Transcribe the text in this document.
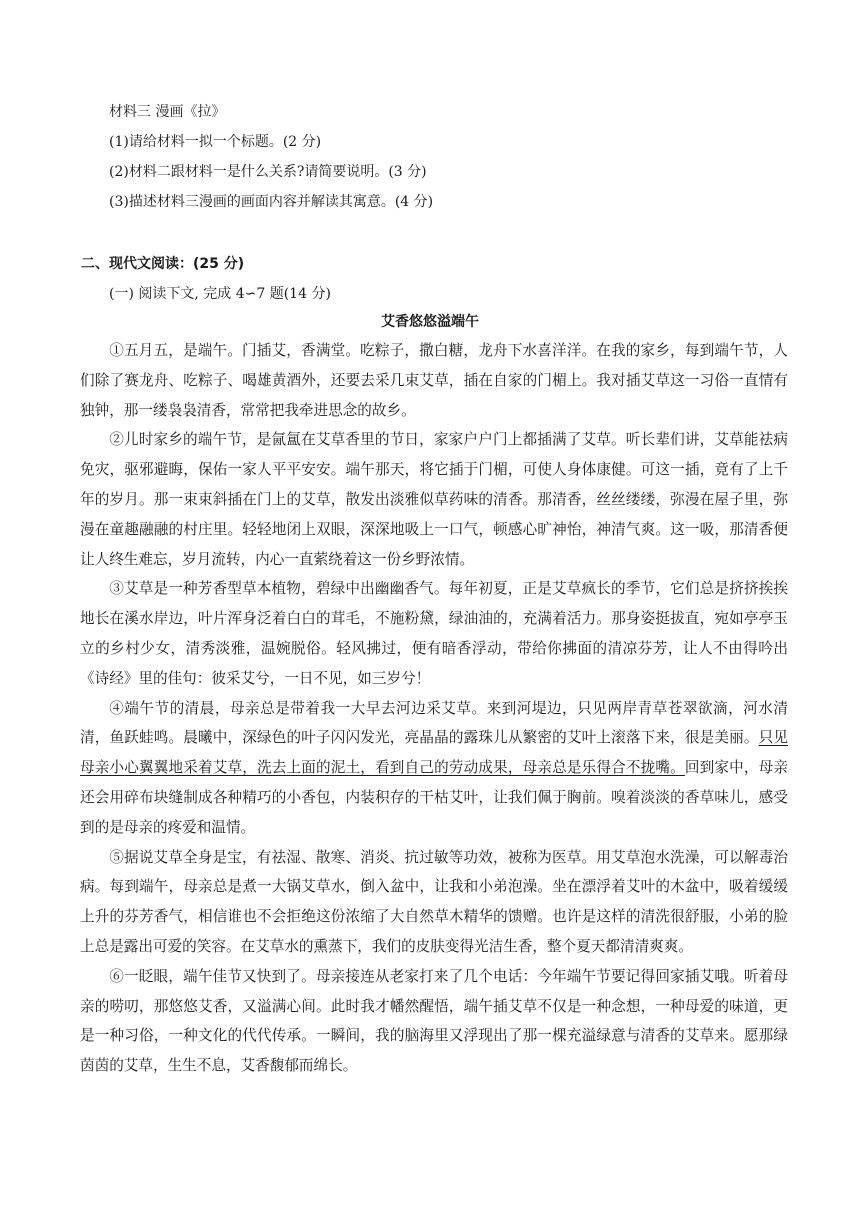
材料三 漫画《拉》
(1)请给材料一拟一个标题。(2 分)
(2)材料二跟材料一是什么关系?请简要说明。(3 分)
(3)描述材料三漫画的画面内容并解读其寓意。(4 分)
二、现代文阅读：(25 分)
(一) 阅读下文, 完成 4∽7 题(14 分)
艾香悠悠溢端午

①五月五，是端午。门插艾，香满堂。吃粽子，撒白糖，龙舟下水喜洋洋。在我的家乡，每到端午节，人们除了赛龙舟、吃粽子、喝雄黄酒外，还要去采几束艾草，插在自家的门楣上。我对插艾草这一习俗一直情有独钟，那一缕袅袅清香，常常把我牵进思念的故乡。

②儿时家乡的端午节，是氤氲在艾草香里的节日，家家户户门上都插满了艾草。听长辈们讲，艾草能祛病免灾，驱邪避晦，保佑一家人平平安安。端午那天，将它插于门楣，可使人身体康健。可这一插，竟有了上千年的岁月。那一束束斜插在门上的艾草，散发出淡雅似草药味的清香。那清香，丝丝缕缕，弥漫在屋子里，弥漫在童趣融融的村庄里。轻轻地闭上双眼，深深地吸上一口气，顿感心旷神怡，神清气爽。这一吸，那清香便让人终生难忘，岁月流转，内心一直萦绕着这一份乡野浓情。

③艾草是一种芳香型草本植物，碧绿中出幽幽香气。每年初夏，正是艾草疯长的季节，它们总是挤挤挨挨地长在溪水岸边，叶片浑身泛着白白的茸毛，不施粉黛，绿油油的，充满着活力。那身姿挺拔直，宛如亭亭玉立的乡村少女，清秀淡雅，温婉脱俗。轻风拂过，便有暗香浮动，带给你拂面的清凉芬芳，让人不由得吟出《诗经》里的佳句：彼采艾兮，一日不见，如三岁兮！

④端午节的清晨，母亲总是带着我一大早去河边采艾草。来到河堤边，只见两岸青草苍翠欲滴，河水清清，鱼跃蛙鸣。晨曦中，深绿色的叶子闪闪发光，亮晶晶的露珠儿从繁密的艾叶上滚落下来，很是美丽。只见母亲小心翼翼地采着艾草，洗去上面的泥土，看到自己的劳动成果，母亲总是乐得合不拢嘴。回到家中，母亲还会用碎布块缝制成各种精巧的小香包，内装积存的干枯艾叶，让我们佩于胸前。嗅着淡淡的香草味儿，感受到的是母亲的疼爱和温情。

⑤据说艾草全身是宝，有祛湿、散寒、消炎、抗过敏等功效，被称为医草。用艾草泡水洗澡，可以解毒治病。每到端午，母亲总是煮一大锅艾草水，倒入盆中，让我和小弟泡澡。坐在漂浮着艾叶的木盆中，吸着缓缓上升的芬芳香气，相信谁也不会拒绝这份浓缩了大自然草木精华的馈赠。也许是这样的清洗很舒服，小弟的脸上总是露出可爱的笑容。在艾草水的熏蒸下，我们的皮肤变得光洁生香，整个夏天都清清爽爽。

⑥一眨眼，端午佳节又快到了。母亲接连从老家打来了几个电话：今年端午节要记得回家插艾哦。听着母亲的唠叨，那悠悠艾香，又溢满心间。此时我才幡然醒悟，端午插艾草不仅是一种念想，一种母爱的味道，更是一种习俗，一种文化的代代传承。一瞬间，我的脑海里又浮现出了那一棵充溢绿意与清香的艾草来。愿那绿茵茵的艾草，生生不息，艾香馥郁而绵长。
